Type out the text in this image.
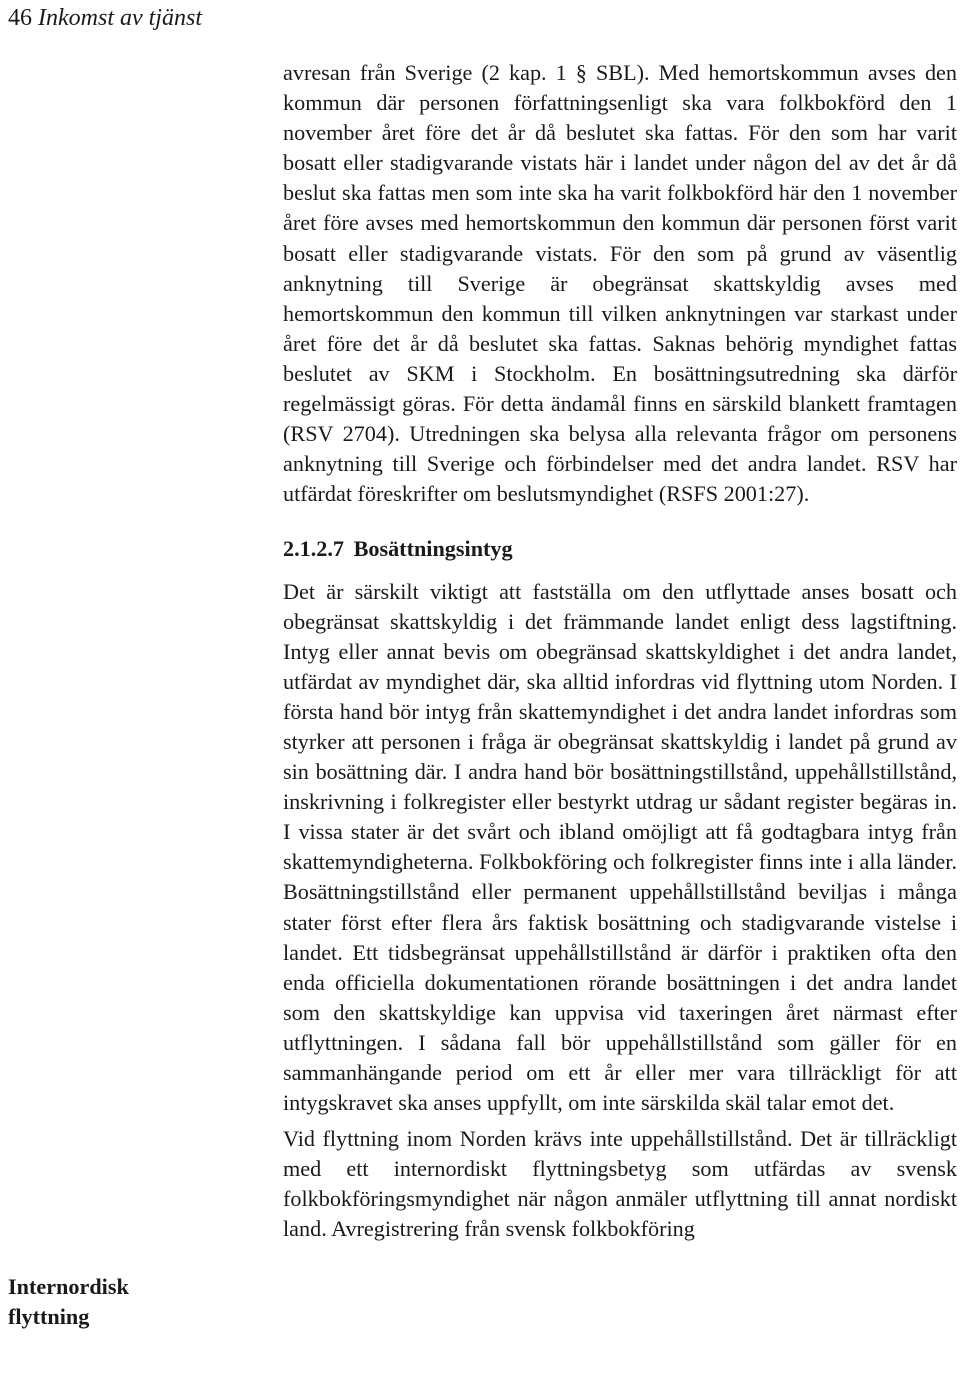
46 Inkomst av tjänst

avresan från Sverige (2 kap. 1 § SBL). Med hemortskommun avses den kommun där personen författningsenligt ska vara folkbokförd den 1 november året före det år då beslutet ska fattas. För den som har varit bosatt eller stadigvarande vistats här i landet under någon del av det år då beslut ska fattas men som inte ska ha varit folkbokförd här den 1 november året före avses med hemortskommun den kommun där personen först varit bosatt eller stadigvarande vistats. För den som på grund av väsentlig anknytning till Sverige är obegränsat skattskyldig avses med hemortskommun den kommun till vilken anknytningen var starkast under året före det år då beslutet ska fattas. Saknas behörig myndighet fattas beslutet av SKM i Stockholm. En bosättningsutredning ska därför regelmässigt göras. För detta ändamål finns en särskild blankett framtagen (RSV 2704). Utredningen ska belysa alla relevanta frågor om personens anknytning till Sverige och förbindelser med det andra landet. RSV har utfärdat föreskrifter om beslutsmyndighet (RSFS 2001:27).

2.1.2.7 Bosättningsintyg

Det är särskilt viktigt att fastställa om den utflyttade anses bosatt och obegränsat skattskyldig i det främmande landet enligt dess lagstiftning. Intyg eller annat bevis om obegränsad skattskyldighet i det andra landet, utfärdat av myndighet där, ska alltid infordras vid flyttning utom Norden. I första hand bör intyg från skattemyndighet i det andra landet infordras som styrker att personen i fråga är obegränsat skattskyldig i landet på grund av sin bosättning där. I andra hand bör bosättningstillstånd, uppehållstillstånd, inskrivning i folkregister eller bestyrkt utdrag ur sådant register begäras in. I vissa stater är det svårt och ibland omöjligt att få godtagbara intyg från skattemyndigheterna. Folkbokföring och folkregister finns inte i alla länder. Bosättningstillstånd eller permanent uppehållstillstånd beviljas i många stater först efter flera års faktisk bosättning och stadigvarande vistelse i landet. Ett tidsbegränsat uppehållstillstånd är därför i praktiken ofta den enda officiella dokumentationen rörande bosättningen i det andra landet som den skattskyldige kan uppvisa vid taxeringen året närmast efter utflyttningen. I sådana fall bör uppehållstillstånd som gäller för en sammanhängande period om ett år eller mer vara tillräckligt för att intygskravet ska anses uppfyllt, om inte särskilda skäl talar emot det.

Vid flyttning inom Norden krävs inte uppehållstillstånd. Det är tillräckligt med ett internordiskt flyttningsbetyg som utfärdas av svensk folkbokföringsmyndighet när någon anmäler utflyttning till annat nordiskt land. Avregistrering från svensk folkbokföring

Internordisk flyttning
